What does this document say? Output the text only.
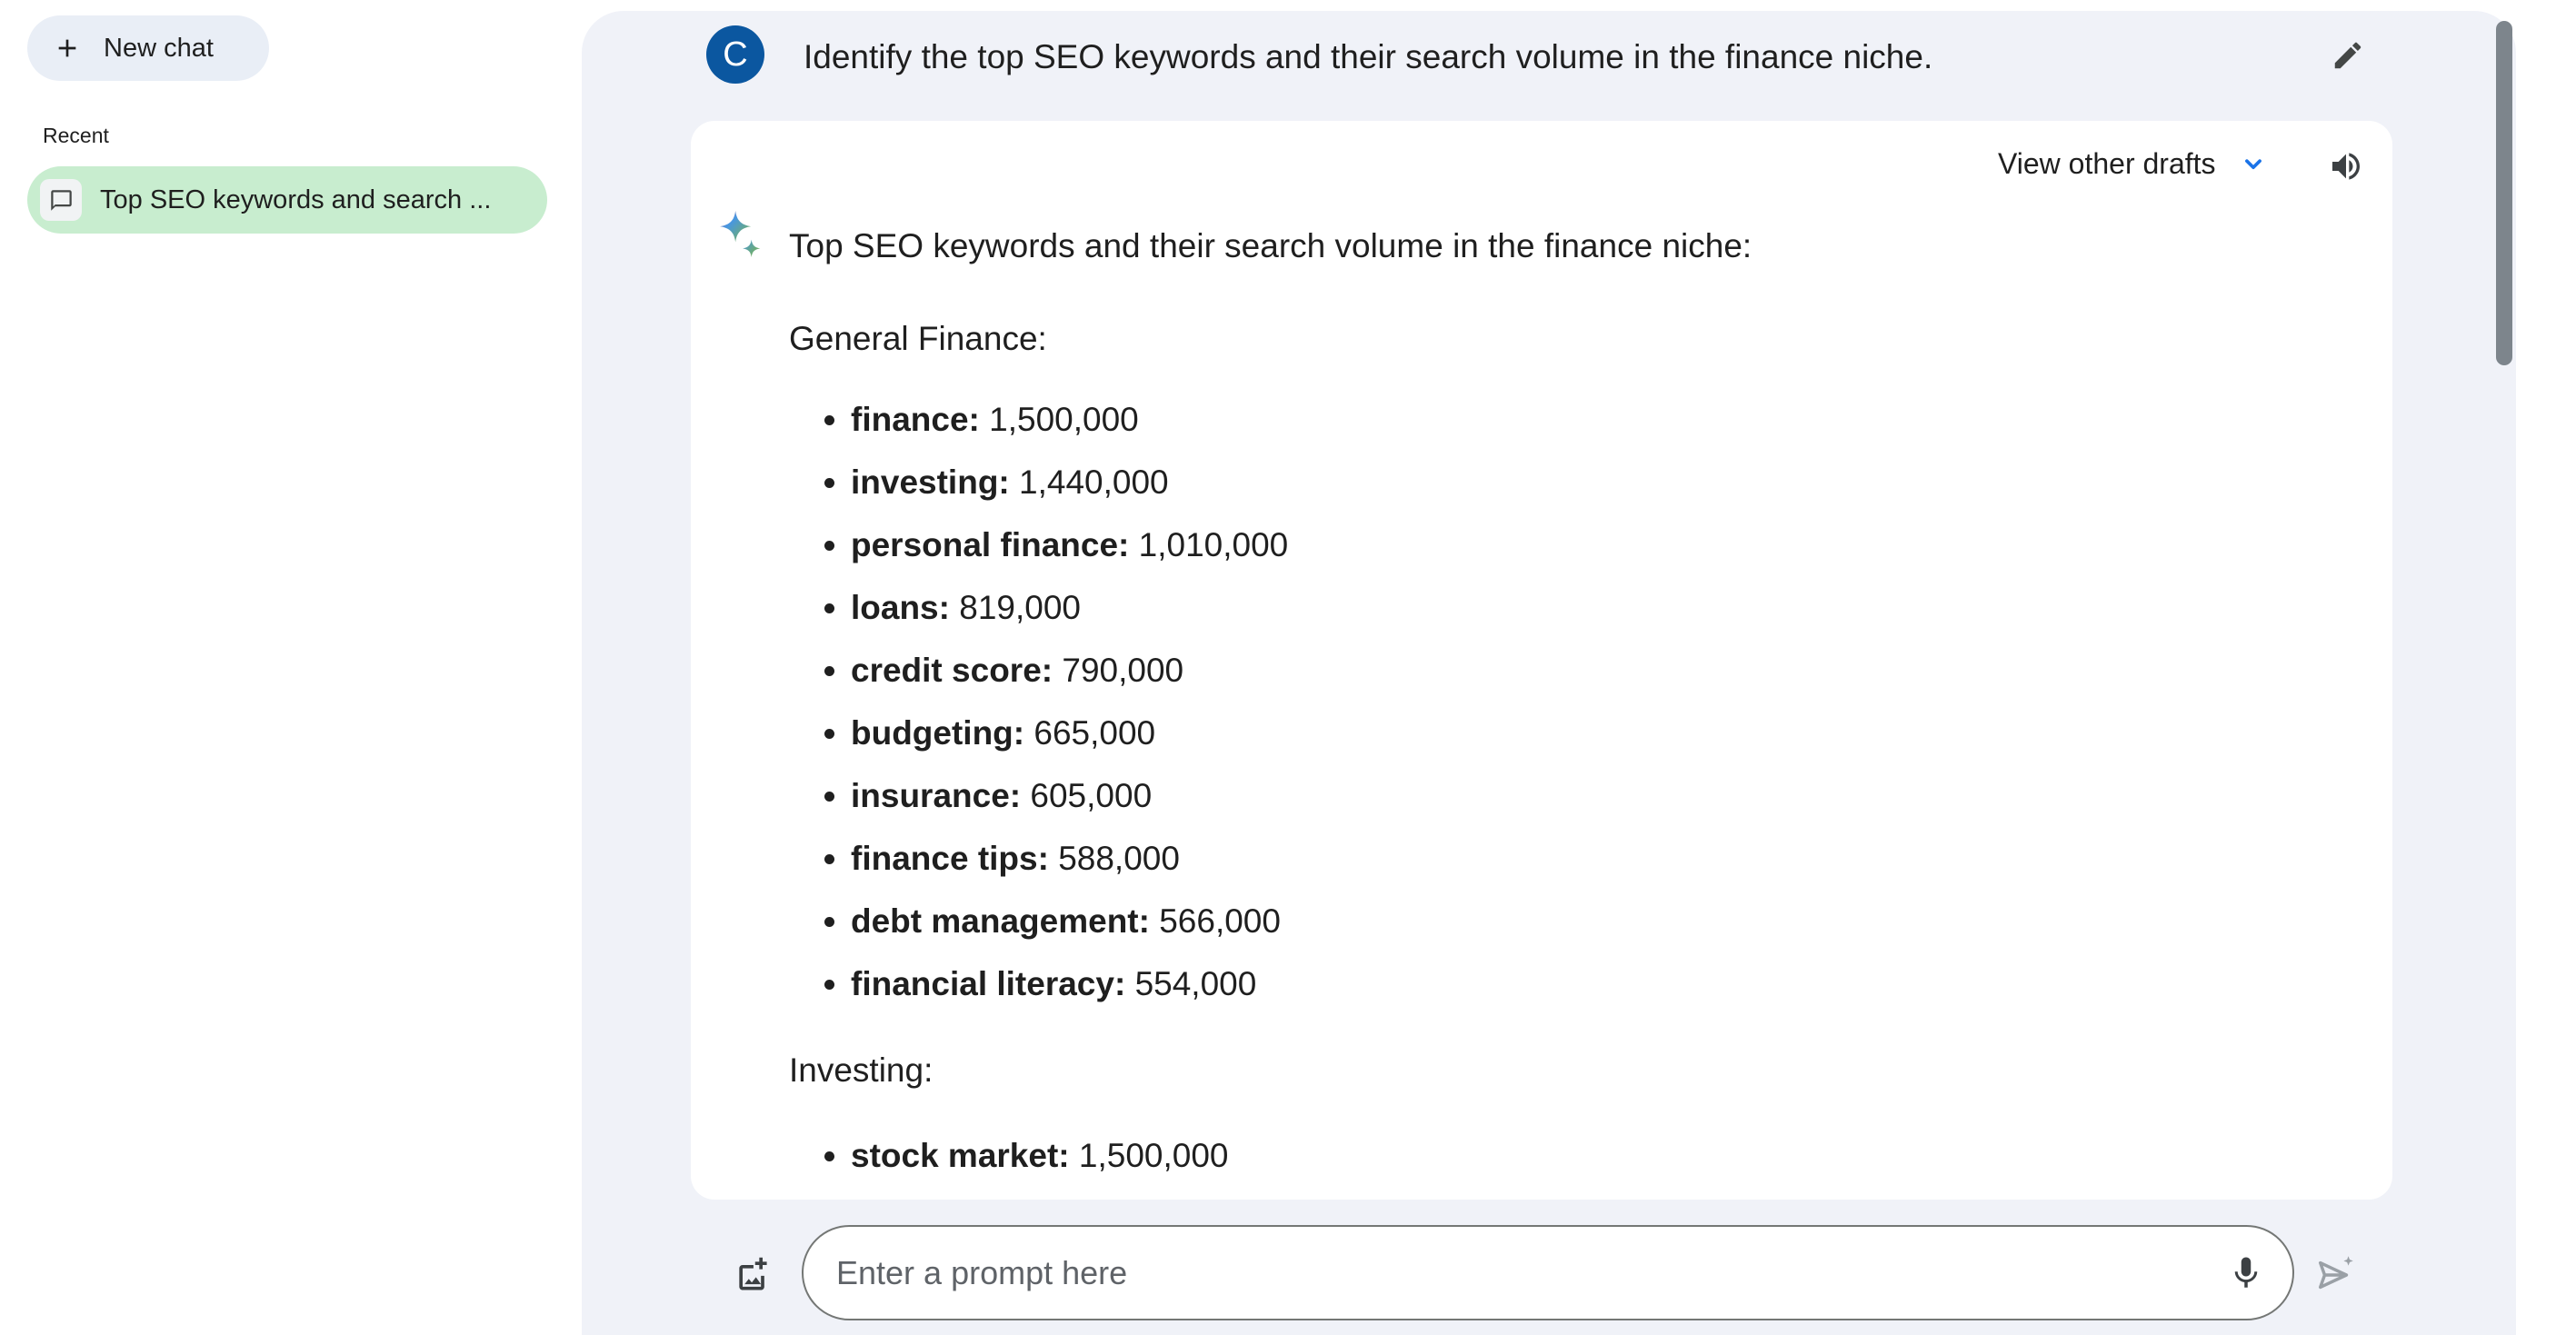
New chat
Recent
Top SEO keywords and search ...
C Identify the top SEO keywords and their search volume in the finance niche.
View other drafts

Top SEO keywords and their search volume in the finance niche:

General Finance:

• finance: 1,500,000
• investing: 1,440,000
• personal finance: 1,010,000
• loans: 819,000
• credit score: 790,000
• budgeting: 665,000
• insurance: 605,000
• finance tips: 588,000
• debt management: 566,000
• financial literacy: 554,000

Investing:

• stock market: 1,500,000
Enter a prompt here
